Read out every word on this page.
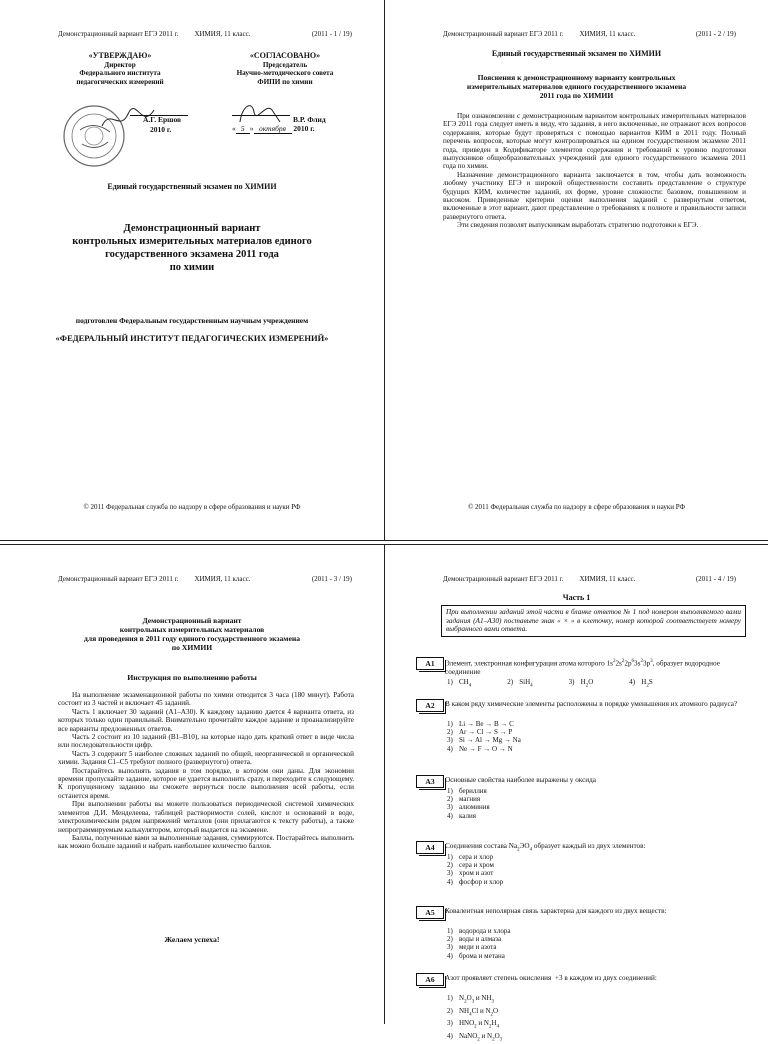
Демонстрационный вариант ЕГЭ 2011 г.	ХИМИЯ, 11 класс.	(2011 - 1 / 19)
«УТВЕРЖДАЮ»
Директор
Федерального института
педагогических измерений
А.Г. Ершов
2010 г.
«СОГЛАСОВАНО»
Председатель
Научно-методического совета
ФИПИ по химии
В.Р. Флид
« 5 » октября 2010 г.
Единый государственный экзамен по ХИМИИ
Демонстрационный вариант
контрольных измерительных материалов единого
государственного экзамена 2011 года
по химии
подготовлен Федеральным государственным научным учреждением
«ФЕДЕРАЛЬНЫЙ ИНСТИТУТ ПЕДАГОГИЧЕСКИХ ИЗМЕРЕНИЙ»
© 2011 Федеральная служба по надзору в сфере образования и науки РФ
Демонстрационный вариант ЕГЭ 2011 г.	ХИМИЯ, 11 класс.	(2011 - 2 / 19)
Единый государственный экзамен по ХИМИИ
Пояснения к демонстрационному варианту контрольных
измерительных материалов единого государственного экзамена
2011 года по ХИМИИ

При ознакомлении с демонстрационным вариантом контрольных измерительных материалов ЕГЭ 2011 года следует иметь в виду, что задания, в него включенные, не отражают всех вопросов содержания, которые будут проверяться с помощью вариантов КИМ в 2011 году. Полный перечень вопросов, которые могут контролироваться на едином государственном экзамене 2011 года, приведен в Кодификаторе элементов содержания и требований к уровню подготовки выпускников общеобразовательных учреждений для единого государственного экзамена 2011 года по химии.

Назначение демонстрационного варианта заключается в том, чтобы дать возможность любому участнику ЕГЭ и широкой общественности составить представление о структуре будущих КИМ, количестве заданий, их форме, уровне сложности: базовом, повышенном и высоком. Приведенные критерии оценки выполнения заданий с развернутым ответом, включенные в этот вариант, дают представление о требованиях к полноте и правильности записи развернутого ответа.

Эти сведения позволят выпускникам выработать стратегию подготовки к ЕГЭ.

© 2011 Федеральная служба по надзору в сфере образования и науки РФ
Демонстрационный вариант ЕГЭ 2011 г.	ХИМИЯ, 11 класс.	(2011 - 3 / 19)
Демонстрационный вариант
контрольных измерительных материалов
для проведения в 2011 году единого государственного экзамена
по ХИМИИ
Инструкция по выполнению работы

На выполнение экзаменационной работы по химии отводится 3 часа (180 минут). Работа состоит из 3 частей и включает 45 заданий.

Часть 1 включает 30 заданий (А1–А30). К каждому заданию дается 4 варианта ответа, из которых только один правильный. Внимательно прочитайте каждое задание и проанализируйте все варианты предложенных ответов.

Часть 2 состоит из 10 заданий (В1–В10), на которые надо дать краткий ответ в виде числа или последовательности цифр.

Часть 3 содержит 5 наиболее сложных заданий по общей, неорганической и органической химии. Задания С1–С5 требуют полного (развернутого) ответа.

Постарайтесь выполнять задания в том порядке, в котором они даны. Для экономии времени пропускайте задание, которое не удается выполнить сразу, и переходите к следующему. К пропущенному заданию вы сможете вернуться после выполнения всей работы, если останется время.

При выполнении работы вы можете пользоваться периодической системой химических элементов Д.И. Менделеева, таблицей растворимости солей, кислот и оснований в воде, электрохимическим рядом напряжений металлов (они прилагаются к тексту работы), а также непрограммируемым калькулятором, который выдается на экзамене.

Баллы, полученные вами за выполненные задания, суммируются. Постарайтесь выполнить как можно больше заданий и набрать наибольшее количество баллов.

Желаем успеха!
Демонстрационный вариант ЕГЭ 2011 г.	ХИМИЯ, 11 класс.	(2011 - 4 / 19)
Часть 1
При выполнении заданий этой части в бланке ответов № 1 под номером выполняемого вами задания (А1–А30) поставьте знак « × » в клеточку, номер которой соответствует номеру выбранного вами ответа.
A1	Элемент, электронная конфигурация атома которого $1s^22s^22p^63s^23p^3$, образует водородное соединение
1) $CH_4$	2) SiH$_4$	3) $H_2O$	4) $H_2S$
A2	В каком ряду химические элементы расположены в порядке уменьшения их атомного радиуса?
1) Li → Be → B → C
2) Ar → Cl → S → P
3) Si → Al → Mg → Na
4) Ne → F → O → N
A3	Основные свойства наиболее выражены у оксида
1) бериллия
2) магния
3) алюминия
4) калия
A4	Соединения состава $Na_2ЭO_4$ образует каждый из двух элементов:
1) сера и хлор
2) сера и хром
3) хром и азот
4) фосфор и хлор
A5	Ковалентная неполярная связь характерна для каждого из двух веществ:
1) водорода и хлора
2) воды и алмаза
3) меди и азота
4) брома и метана
A6	Азот проявляет степень окисления  +3 в каждом из двух соединений:
1) $N_2O_3$ и $NH_3$
2) $NH_4Cl$ и $N_2O$
3) $HNO_2$ и $N_2H_4$
4) NaNO$_2$ и $N_2O_3$
